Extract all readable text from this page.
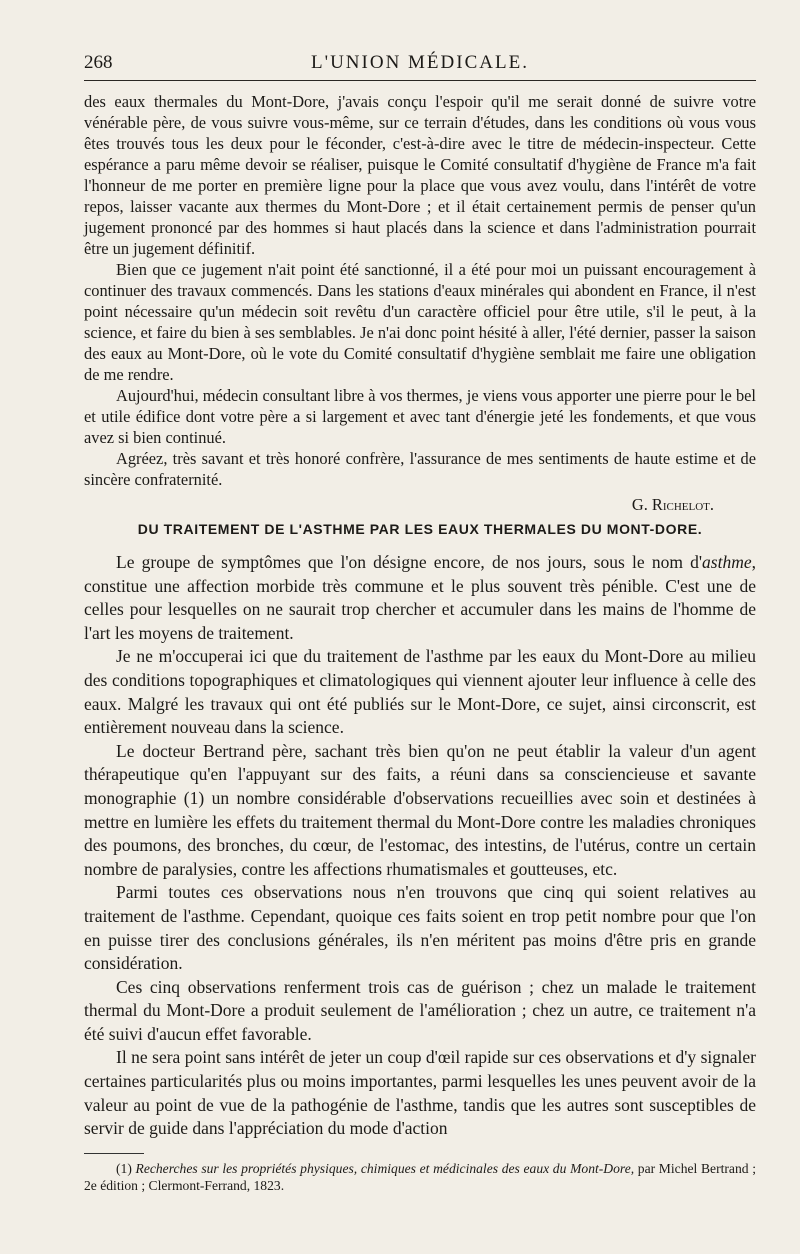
268	L'UNION MÉDICALE.

des eaux thermales du Mont-Dore, j'avais conçu l'espoir qu'il me serait donné de suivre votre vénérable père, de vous suivre vous-même, sur ce terrain d'études, dans les conditions où vous vous êtes trouvés tous les deux pour le féconder, c'est-à-dire avec le titre de médecin-inspecteur. Cette espérance a paru même devoir se réaliser, puisque le Comité consultatif d'hygiène de France m'a fait l'honneur de me porter en première ligne pour la place que vous avez voulu, dans l'intérêt de votre repos, laisser vacante aux thermes du Mont-Dore ; et il était certainement permis de penser qu'un jugement prononcé par des hommes si haut placés dans la science et dans l'administration pourrait être un jugement définitif.

Bien que ce jugement n'ait point été sanctionné, il a été pour moi un puissant encouragement à continuer des travaux commencés. Dans les stations d'eaux minérales qui abondent en France, il n'est point nécessaire qu'un médecin soit revêtu d'un caractère officiel pour être utile, s'il le peut, à la science, et faire du bien à ses semblables. Je n'ai donc point hésité à aller, l'été dernier, passer la saison des eaux au Mont-Dore, où le vote du Comité consultatif d'hygiène semblait me faire une obligation de me rendre.

Aujourd'hui, médecin consultant libre à vos thermes, je viens vous apporter une pierre pour le bel et utile édifice dont votre père a si largement et avec tant d'énergie jeté les fondements, et que vous avez si bien continué.

Agréez, très savant et très honoré confrère, l'assurance de mes sentiments de haute estime et de sincère confraternité.

G. Richelot.
DU TRAITEMENT DE L'ASTHME PAR LES EAUX THERMALES DU MONT-DORE.

Le groupe de symptômes que l'on désigne encore, de nos jours, sous le nom d'asthme, constitue une affection morbide très commune et le plus souvent très pénible. C'est une de celles pour lesquelles on ne saurait trop chercher et accumuler dans les mains de l'homme de l'art les moyens de traitement.

Je ne m'occuperai ici que du traitement de l'asthme par les eaux du Mont-Dore au milieu des conditions topographiques et climatologiques qui viennent ajouter leur influence à celle des eaux. Malgré les travaux qui ont été publiés sur le Mont-Dore, ce sujet, ainsi circonscrit, est entièrement nouveau dans la science.

Le docteur Bertrand père, sachant très bien qu'on ne peut établir la valeur d'un agent thérapeutique qu'en l'appuyant sur des faits, a réuni dans sa consciencieuse et savante monographie (1) un nombre considérable d'observations recueillies avec soin et destinées à mettre en lumière les effets du traitement thermal du Mont-Dore contre les maladies chroniques des poumons, des bronches, du cœur, de l'estomac, des intestins, de l'utérus, contre un certain nombre de paralysies, contre les affections rhumatismales et goutteuses, etc.

Parmi toutes ces observations nous n'en trouvons que cinq qui soient relatives au traitement de l'asthme. Cependant, quoique ces faits soient en trop petit nombre pour que l'on en puisse tirer des conclusions générales, ils n'en méritent pas moins d'être pris en grande considération.

Ces cinq observations renferment trois cas de guérison ; chez un malade le traitement thermal du Mont-Dore a produit seulement de l'amélioration ; chez un autre, ce traitement n'a été suivi d'aucun effet favorable.

Il ne sera point sans intérêt de jeter un coup d'œil rapide sur ces observations et d'y signaler certaines particularités plus ou moins importantes, parmi lesquelles les unes peuvent avoir de la valeur au point de vue de la pathogénie de l'asthme, tandis que les autres sont susceptibles de servir de guide dans l'appréciation du mode d'action

(1) Recherches sur les propriétés physiques, chimiques et médicinales des eaux du Mont-Dore, par Michel Bertrand ; 2e édition ; Clermont-Ferrand, 1823.
